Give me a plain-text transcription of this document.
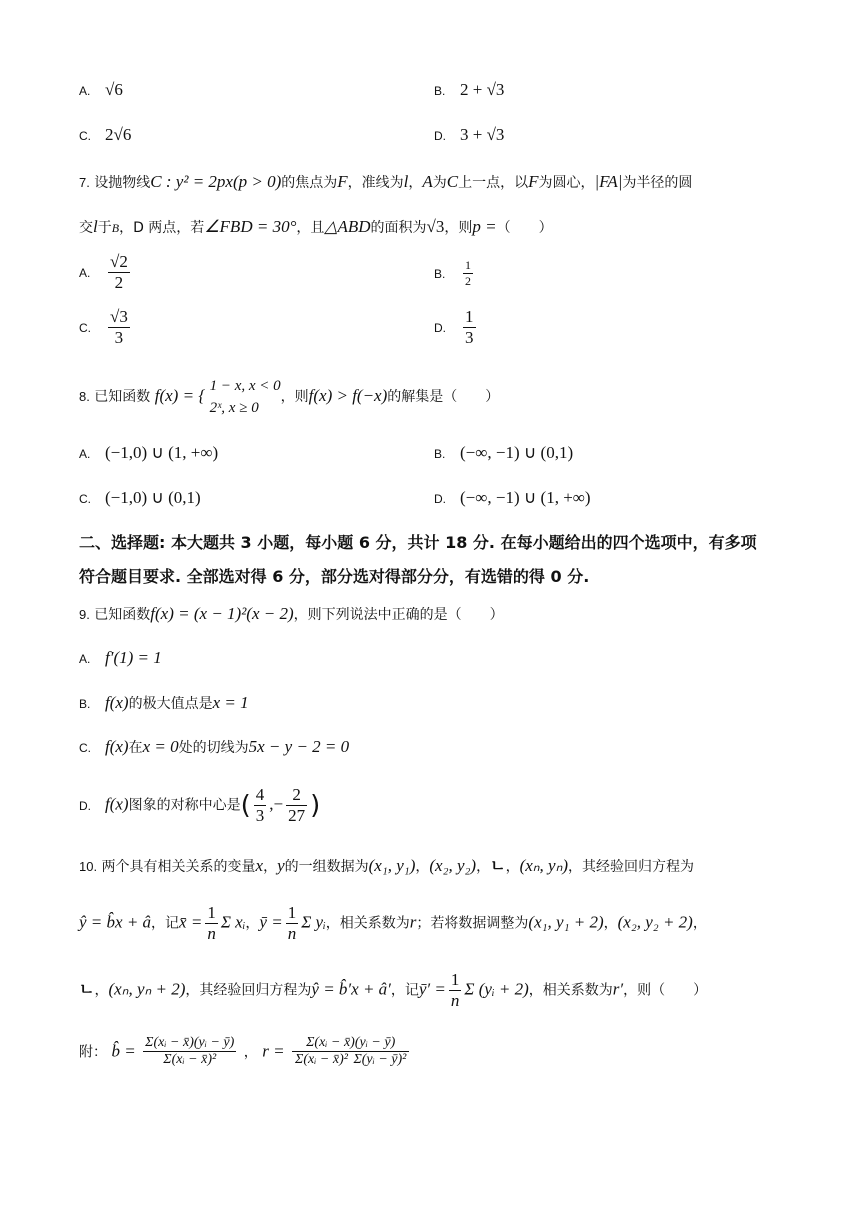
A. √6	B. 2 + √3
C. 2√6	D. 3 + √3
7. 设抛物线C : y² = 2px(p > 0)的焦点为F，准线为l，A为C上一点，以F为圆心，|FA|为半径的圆
交l于B，D 两点，若∠FBD = 30°，且△ABD的面积为√3，则p =（　　）
A. $\frac{√2}{2}$	B. $\frac{1}{2}$
C. $\frac{√3}{3}$	D. $\frac{1}{3}$
8. 已知函数 f(x) = { 1 − x, x < 0
2ˣ, x ≥ 0
，则f(x) > f(−x)的解集是（　　）
A. (−1,0) ∪ (1, +∞)	B. (−∞, −1) ∪ (0,1)
C. (−1,0) ∪ (0,1)	D. (−∞, −1) ∪ (1, +∞)
二、选择题: 本大题共 3 小题，每小题 6 分，共计 18 分. 在每小题给出的四个选项中，有多项
符合题目要求. 全部选对得 6 分，部分选对得部分分，有选错的得 0 分.
9. 已知函数f(x) = (x − 1)²(x − 2)，则下列说法中正确的是（　　）
A. f′(1) = 1
B. f(x)的极大值点是x = 1
C. f(x)在x = 0处的切线为5x − y − 2 = 0
D. f(x)图象的对称中心是( $\frac{4}{3}$ ,− $\frac{2}{27}$ )
10. 两个具有相关关系的变量x，y的一组数据为(x₁, y₁)，(x₂, y₂)，ㄴ，(xₙ, yₙ)，其经验回归方程为
ŷ = b̂x + â，记x̄ = $\frac{1}{n}$ Σ xᵢ，ȳ = $\frac{1}{n}$ Σ yᵢ，相关系数为r；若将数据调整为(x₁, y₁ + 2)，(x₂, y₂ + 2)，
ㄴ，(xₙ, yₙ + 2)，其经验回归方程为ŷ = b̂′x + â′，记ȳ′ = $\frac{1}{n}$ Σ (yᵢ + 2)，相关系数为r′，则（　　）
附： b̂ = $\frac{\text{Σ(xᵢ − x̄)(yᵢ − ȳ)}}{\text{Σ(xᵢ − x̄)²}}$ ， $r = \frac{\text{Σ(xᵢ − x̄)(yᵢ − ȳ)}}{\text{Σ(xᵢ − x̄)² Σ(yᵢ − ȳ)²}}$
